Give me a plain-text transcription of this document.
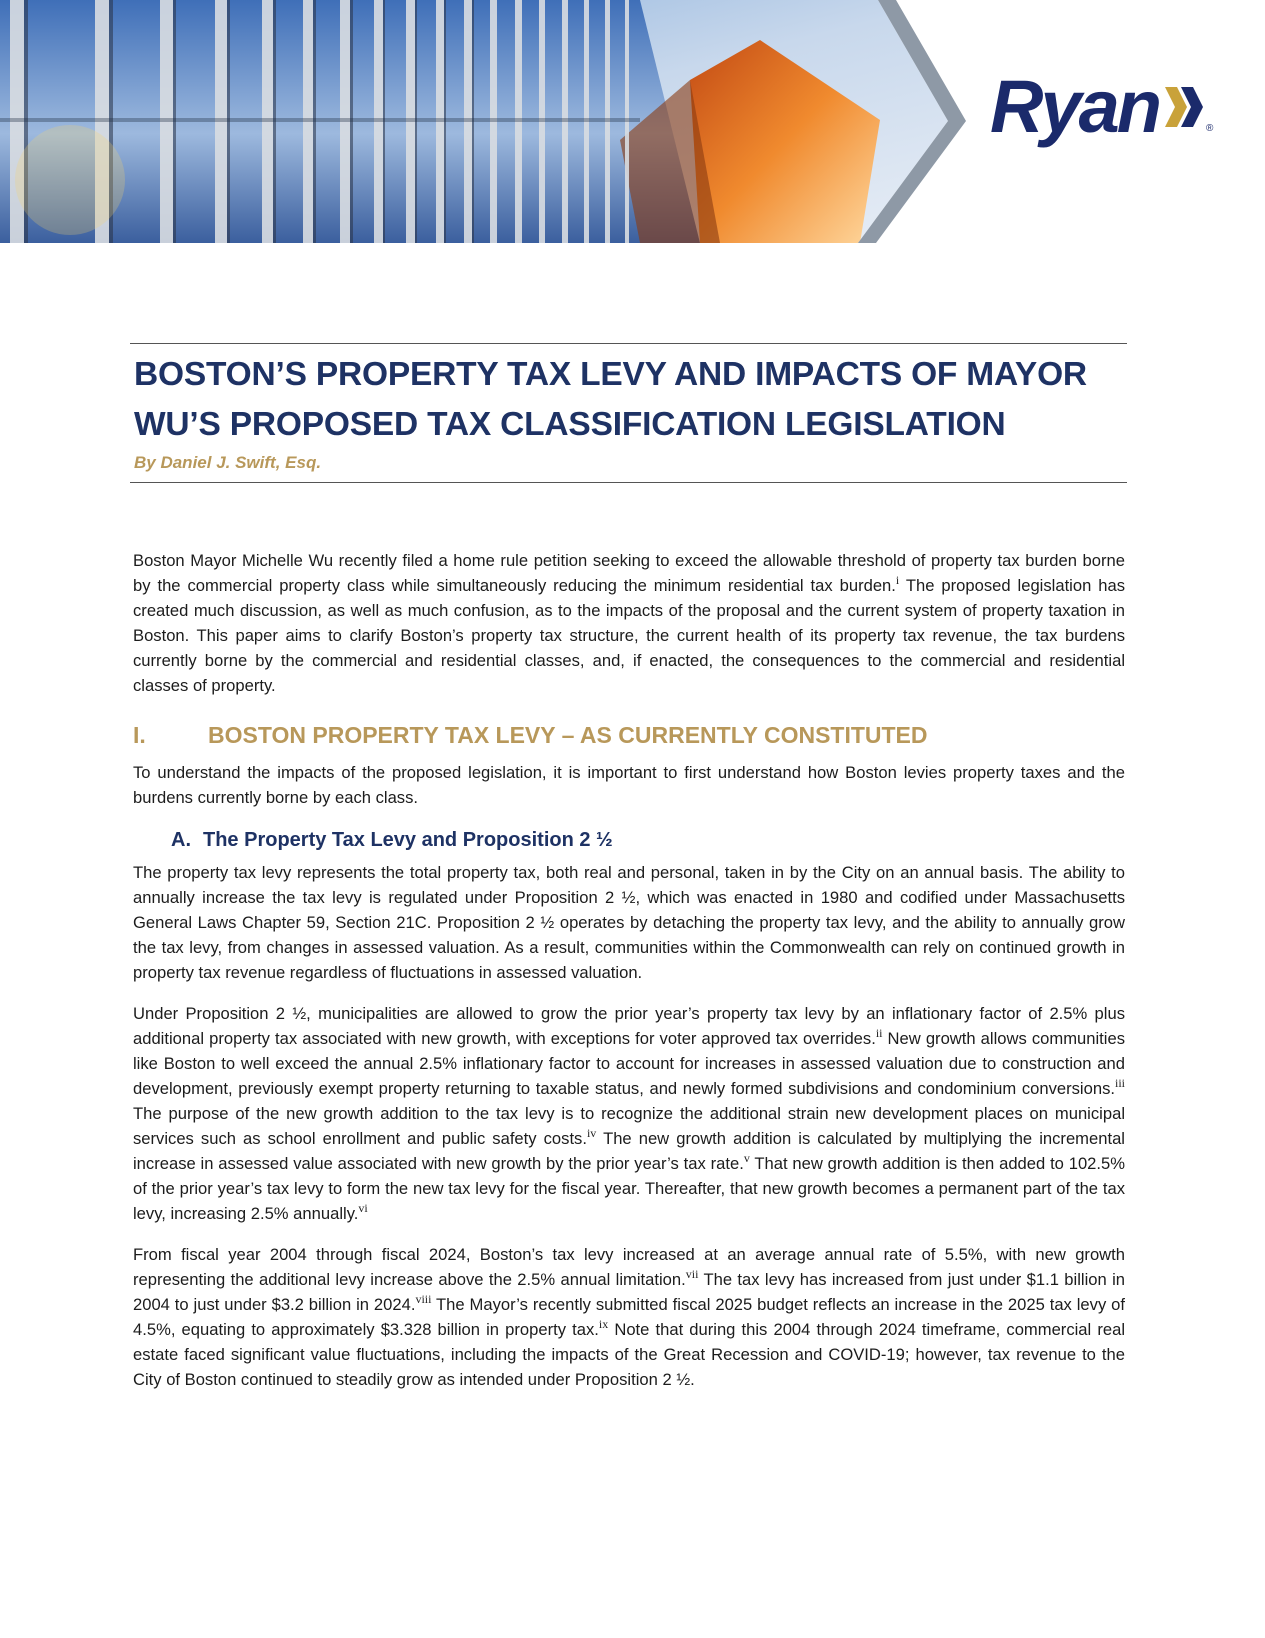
Ryan	®
BOSTON’S PROPERTY TAX LEVY AND IMPACTS OF MAYOR WU’S PROPOSED TAX CLASSIFICATION LEGISLATION
By Daniel J. Swift, Esq.

Boston Mayor Michelle Wu recently filed a home rule petition seeking to exceed the allowable threshold of property tax burden borne by the commercial property class while simultaneously reducing the minimum residential tax burden.$^i$ The proposed legislation has created much discussion, as well as much confusion, as to the impacts of the proposal and the current system of property taxation in Boston. This paper aims to clarify Boston’s property tax structure, the current health of its property tax revenue, the tax burdens currently borne by the commercial and residential classes, and, if enacted, the consequences to the commercial and residential classes of property.

I.	BOSTON PROPERTY TAX LEVY – AS CURRENTLY CONSTITUTED

To understand the impacts of the proposed legislation, it is important to first understand how Boston levies property taxes and the burdens currently borne by each class.

A. The Property Tax Levy and Proposition 2 ½

The property tax levy represents the total property tax, both real and personal, taken in by the City on an annual basis. The ability to annually increase the tax levy is regulated under Proposition 2 ½, which was enacted in 1980 and codified under Massachusetts General Laws Chapter 59, Section 21C. Proposition 2 ½ operates by detaching the property tax levy, and the ability to annually grow the tax levy, from changes in assessed valuation. As a result, communities within the Commonwealth can rely on continued growth in property tax revenue regardless of fluctuations in assessed valuation.

Under Proposition 2 ½, municipalities are allowed to grow the prior year’s property tax levy by an inflationary factor of 2.5% plus additional property tax associated with new growth, with exceptions for voter approved tax overrides.$^{ii}$ New growth allows communities like Boston to well exceed the annual 2.5% inflationary factor to account for increases in assessed valuation due to construction and development, previously exempt property returning to taxable status, and newly formed subdivisions and condominium conversions.$^{iii}$ The purpose of the new growth addition to the tax levy is to recognize the additional strain new development places on municipal services such as school enrollment and public safety costs.$^{iv}$ The new growth addition is calculated by multiplying the incremental increase in assessed value associated with new growth by the prior year’s tax rate.$^v$ That new growth addition is then added to 102.5% of the prior year’s tax levy to form the new tax levy for the fiscal year. Thereafter, that new growth becomes a permanent part of the tax levy, increasing 2.5% annually.$^{vi}$

From fiscal year 2004 through fiscal 2024, Boston’s tax levy increased at an average annual rate of 5.5%, with new growth representing the additional levy increase above the 2.5% annual limitation.$^{vii}$ The tax levy has increased from just under $1.1 billion in 2004 to just under $3.2 billion in 2024.$^{viii}$ The Mayor’s recently submitted fiscal 2025 budget reflects an increase in the 2025 tax levy of 4.5%, equating to approximately $3.328 billion in property tax.$^{ix}$ Note that during this 2004 through 2024 timeframe, commercial real estate faced significant value fluctuations, including the impacts of the Great Recession and COVID-19; however, tax revenue to the City of Boston continued to steadily grow as intended under Proposition 2 ½.
